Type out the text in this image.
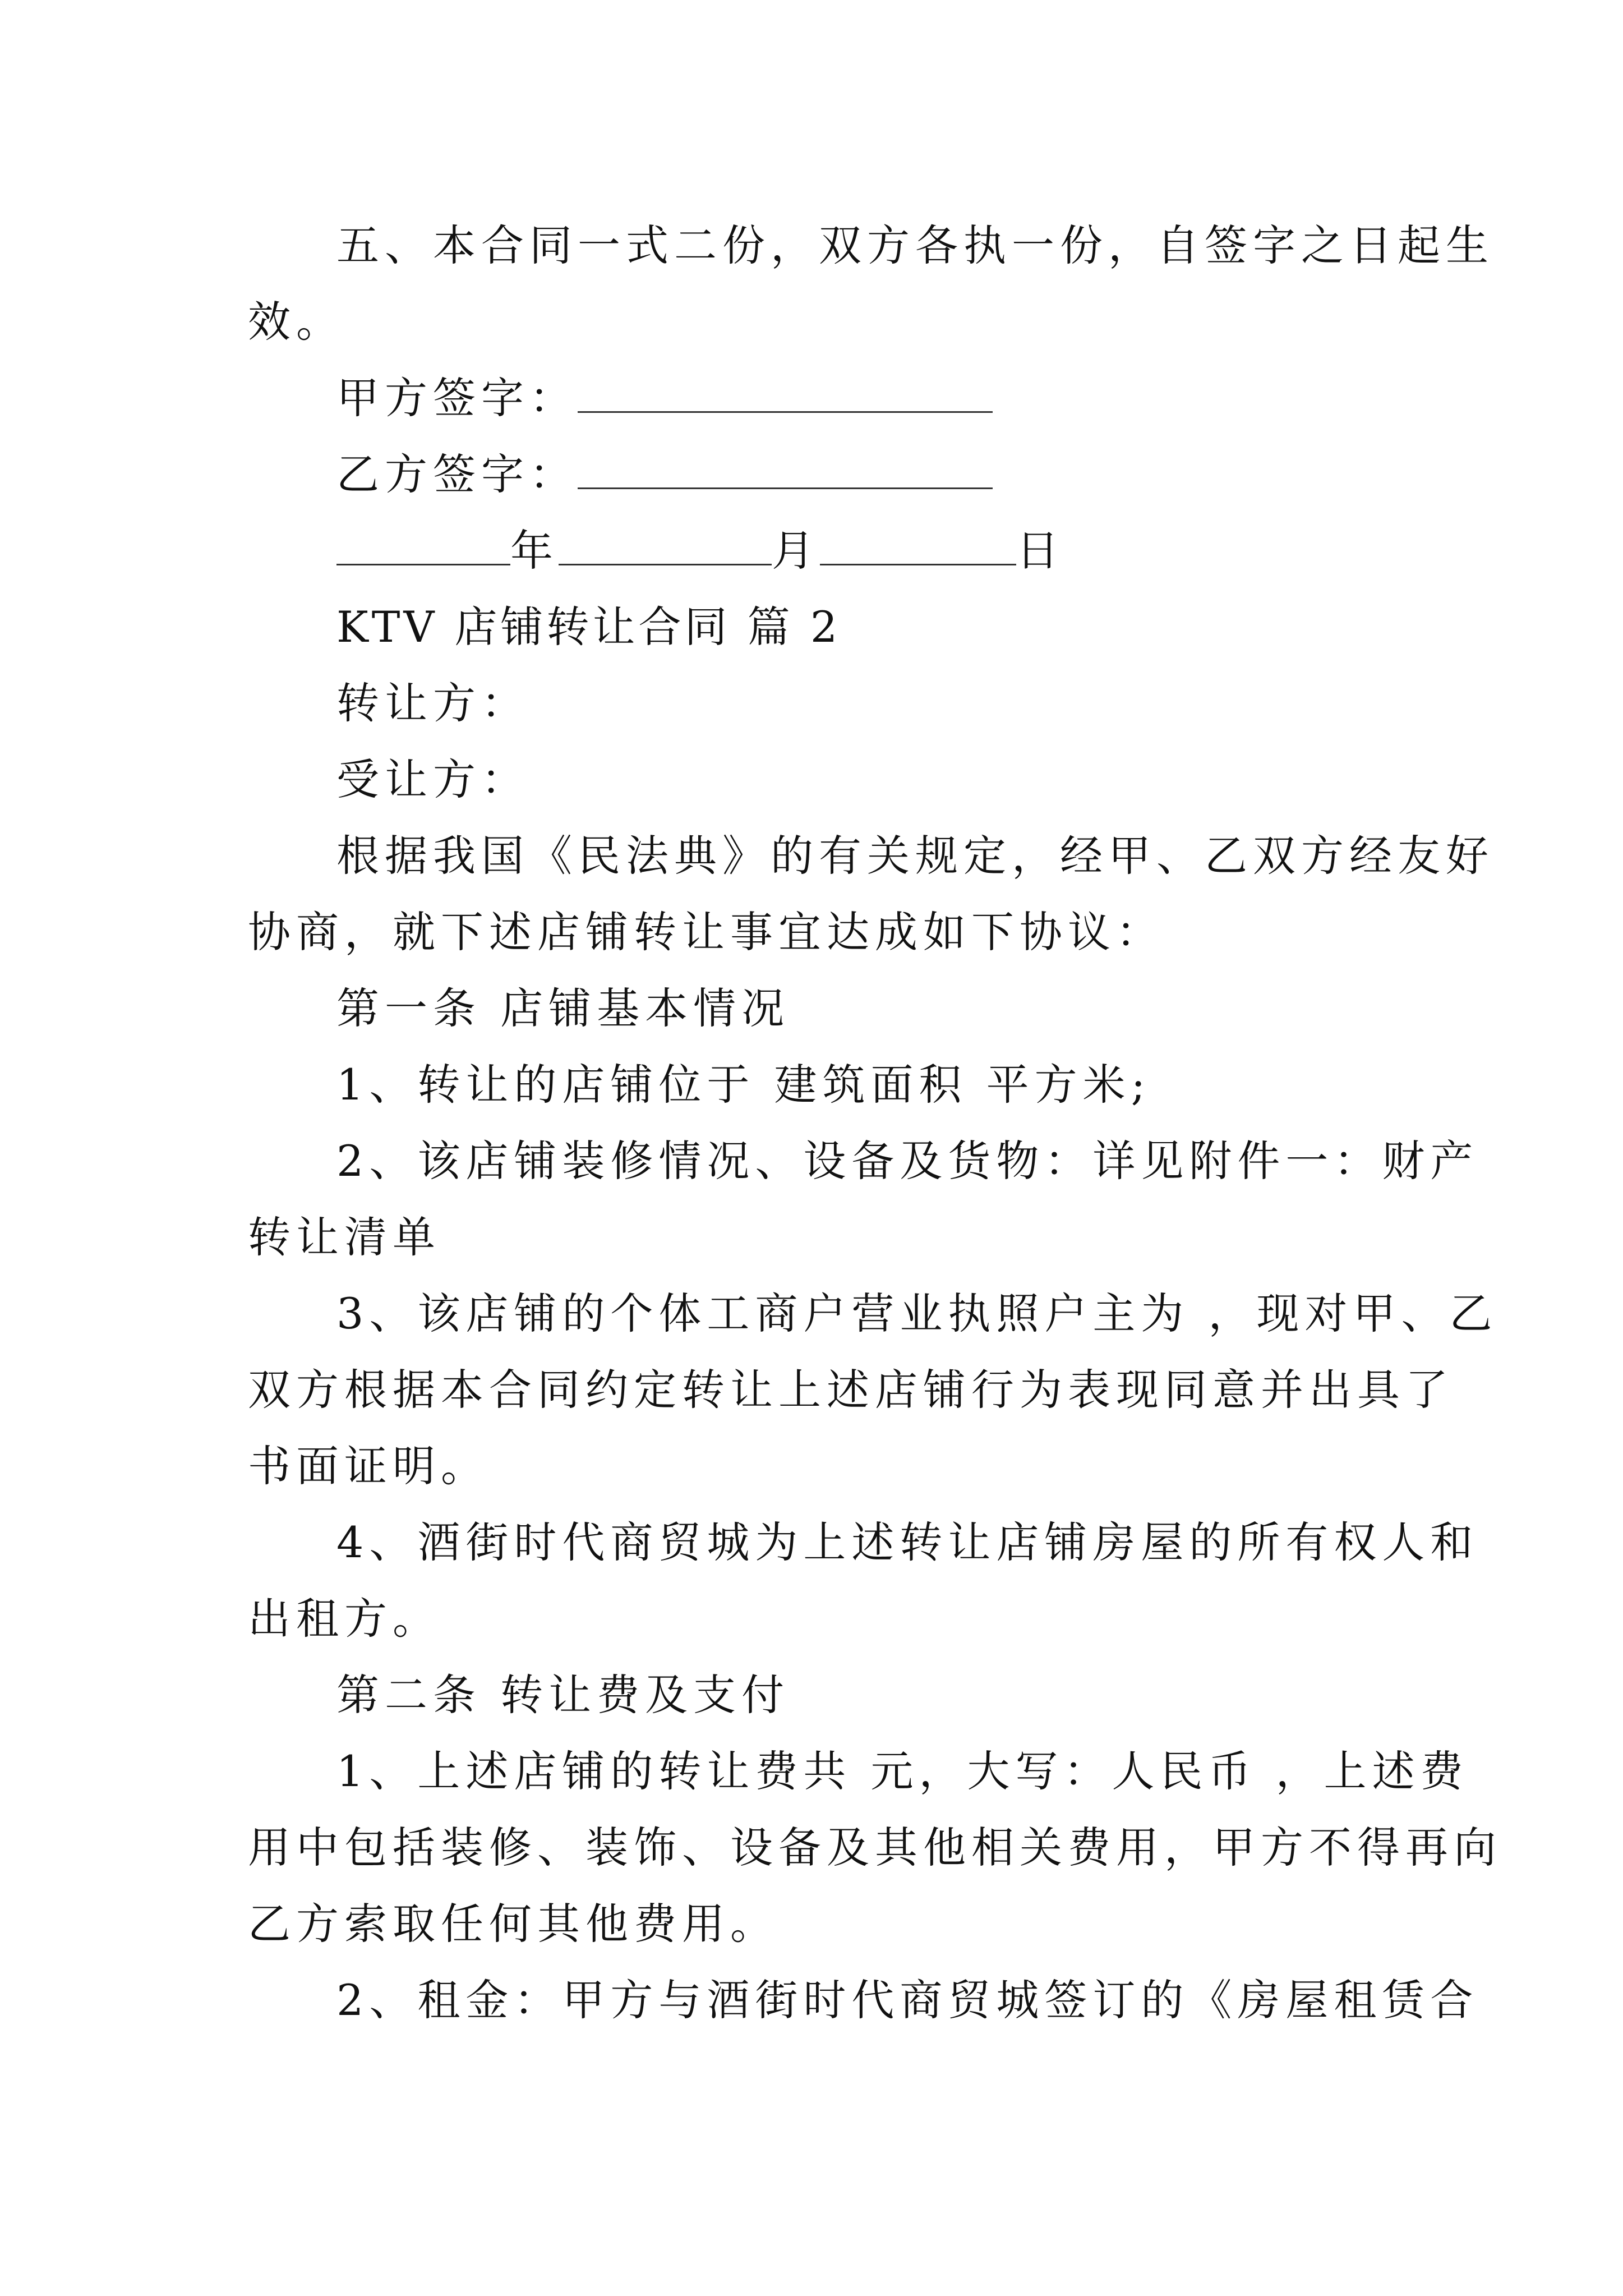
五、本合同一式二份，双方各执一份，自签字之日起生
效。
甲方签字：
乙方签字：
年	月	日
KTV 店铺转让合同 篇 2
转让方：
受让方：
根据我国《民法典》的有关规定，经甲、乙双方经友好
协商，就下述店铺转让事宜达成如下协议：
第一条 店铺基本情况
1、转让的店铺位于 建筑面积 平方米;
2、该店铺装修情况、设备及货物：详见附件一：财产
转让清单
3、该店铺的个体工商户营业执照户主为 ，现对甲、乙
双方根据本合同约定转让上述店铺行为表现同意并出具了
书面证明。
4、酒街时代商贸城为上述转让店铺房屋的所有权人和
出租方。
第二条 转让费及支付
1、上述店铺的转让费共 元，大写：人民币 ，上述费
用中包括装修、装饰、设备及其他相关费用，甲方不得再向
乙方索取任何其他费用。
2、租金：甲方与酒街时代商贸城签订的《房屋租赁合
